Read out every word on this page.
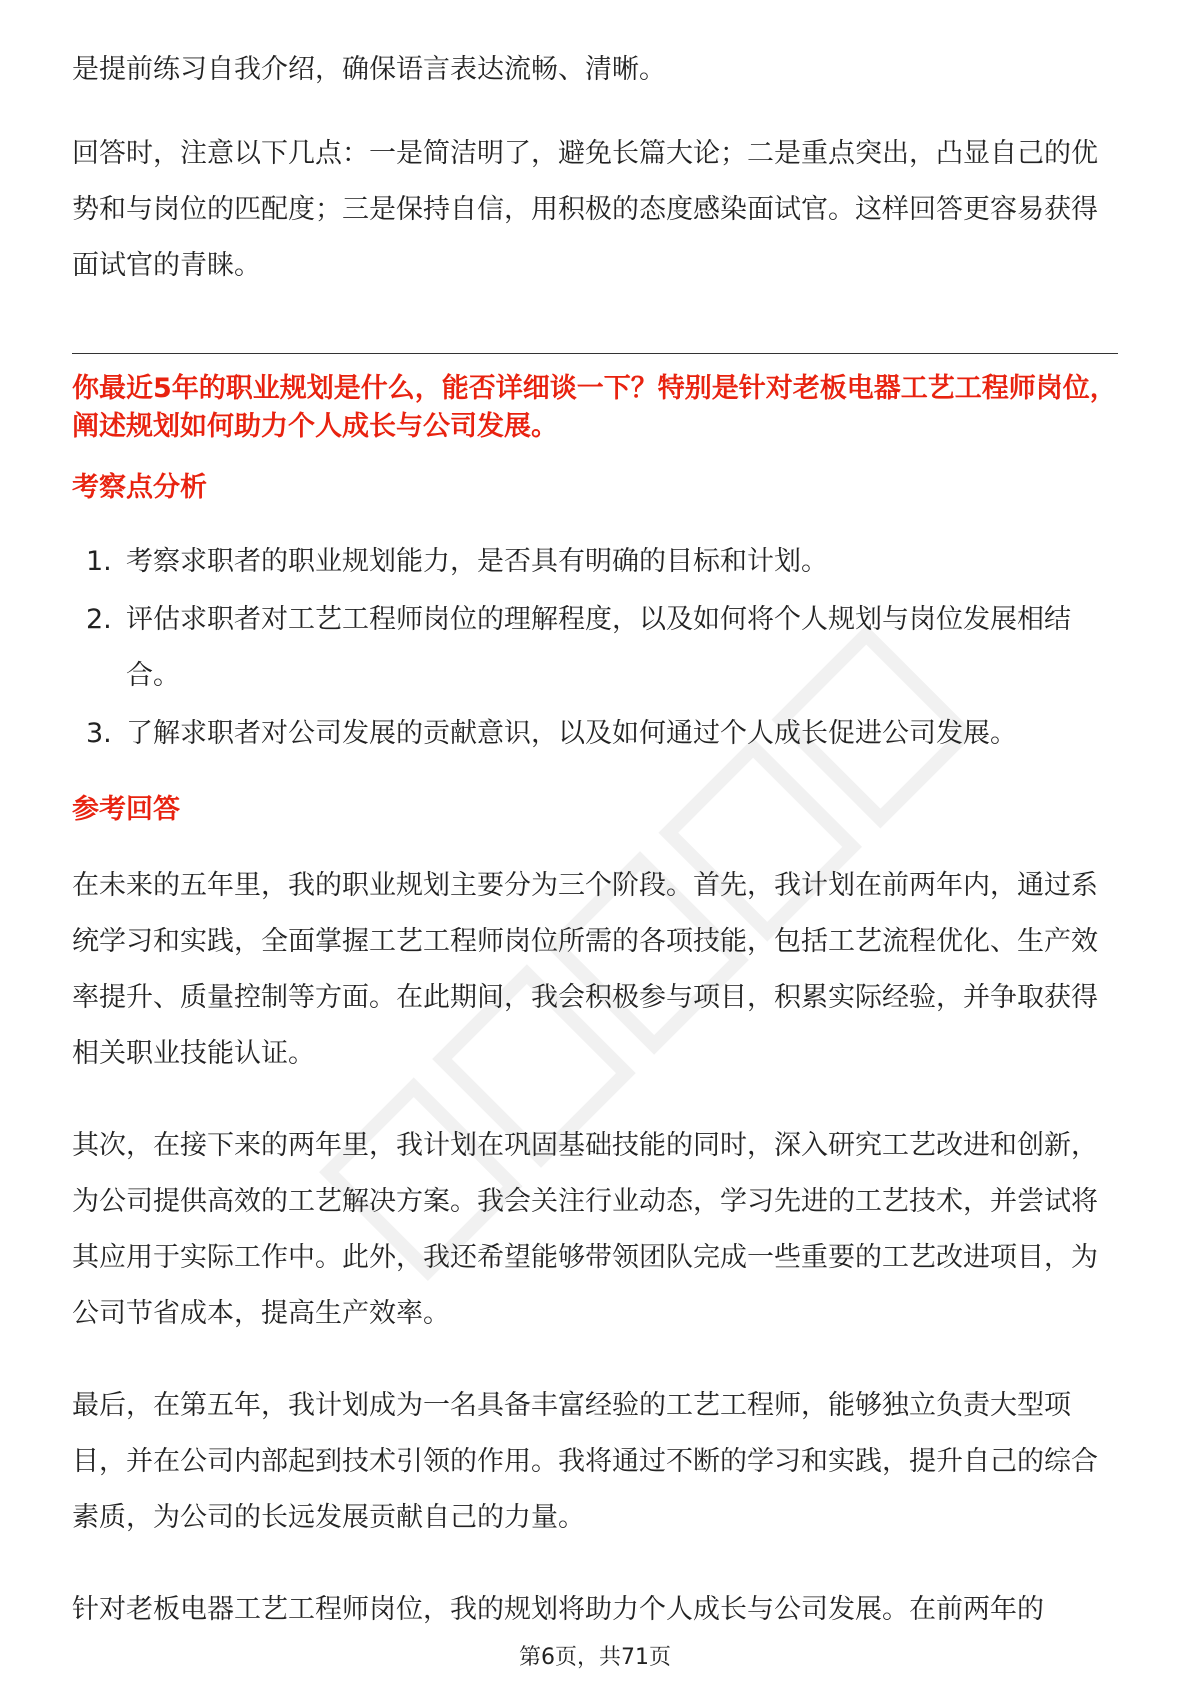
是提前练习自我介绍，确保语言表达流畅、清晰。

回答时，注意以下几点：一是简洁明了，避免长篇大论；二是重点突出，凸显自己的优势和与岗位的匹配度；三是保持自信，用积极的态度感染面试官。这样回答更容易获得面试官的青睐。

你最近5年的职业规划是什么，能否详细谈一下？特别是针对老板电器工艺工程师岗位，阐述规划如何助力个人成长与公司发展。

考察点分析

1. 考察求职者的职业规划能力，是否具有明确的目标和计划。
2. 评估求职者对工艺工程师岗位的理解程度，以及如何将个人规划与岗位发展相结合。
3. 了解求职者对公司发展的贡献意识，以及如何通过个人成长促进公司发展。

参考回答

在未来的五年里，我的职业规划主要分为三个阶段。首先，我计划在前两年内，通过系统学习和实践，全面掌握工艺工程师岗位所需的各项技能，包括工艺流程优化、生产效率提升、质量控制等方面。在此期间，我会积极参与项目，积累实际经验，并争取获得相关职业技能认证。

其次，在接下来的两年里，我计划在巩固基础技能的同时，深入研究工艺改进和创新，为公司提供高效的工艺解决方案。我会关注行业动态，学习先进的工艺技术，并尝试将其应用于实际工作中。此外，我还希望能够带领团队完成一些重要的工艺改进项目，为公司节省成本，提高生产效率。

最后，在第五年，我计划成为一名具备丰富经验的工艺工程师，能够独立负责大型项目，并在公司内部起到技术引领的作用。我将通过不断的学习和实践，提升自己的综合素质，为公司的长远发展贡献自己的力量。

针对老板电器工艺工程师岗位，我的规划将助力个人成长与公司发展。在前两年的

第6页，共71页
